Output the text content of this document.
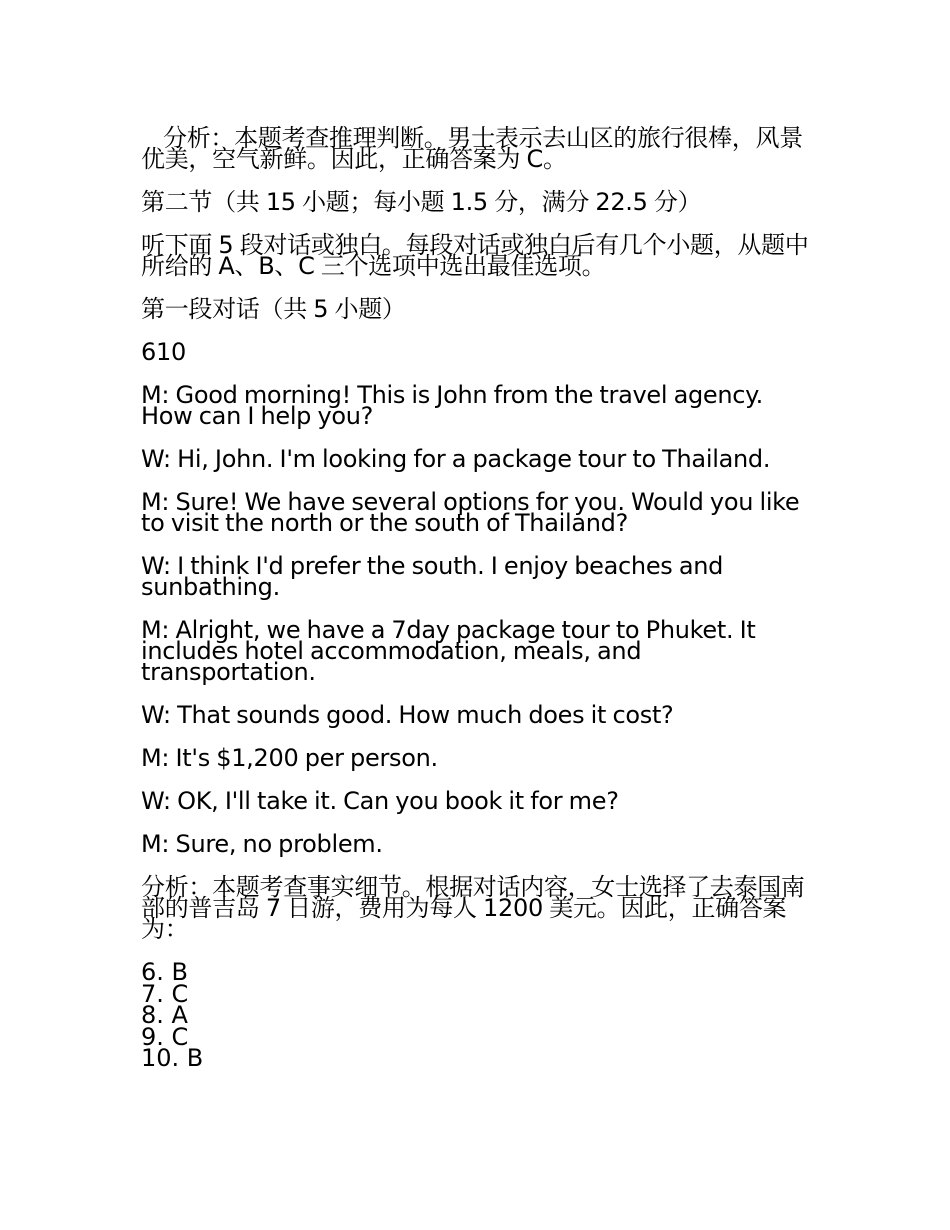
分析：本题考查推理判断。男士表示去山区的旅行很棒，风景优美，空气新鲜。因此，正确答案为 C。

第二节（共 15 小题；每小题 1.5 分，满分 22.5 分）

听下面 5 段对话或独白。每段对话或独白后有几个小题，从题中所给的 A、B、C 三个选项中选出最佳选项。

第一段对话（共 5 小题）

610

M: Good morning! This is John from the travel agency. How can I help you?

W: Hi, John. I'm looking for a package tour to Thailand.

M: Sure! We have several options for you. Would you like to visit the north or the south of Thailand?

W: I think I'd prefer the south. I enjoy beaches and sunbathing.

M: Alright, we have a 7day package tour to Phuket. It includes hotel accommodation, meals, and transportation.

W: That sounds good. How much does it cost?

M: It's $1,200 per person.

W: OK, I'll take it. Can you book it for me?

M: Sure, no problem.

分析：本题考查事实细节。根据对话内容，女士选择了去泰国南部的普吉岛 7 日游，费用为每人 1200 美元。因此，正确答案为：

6. B
7. C
8. A
9. C
10. B
